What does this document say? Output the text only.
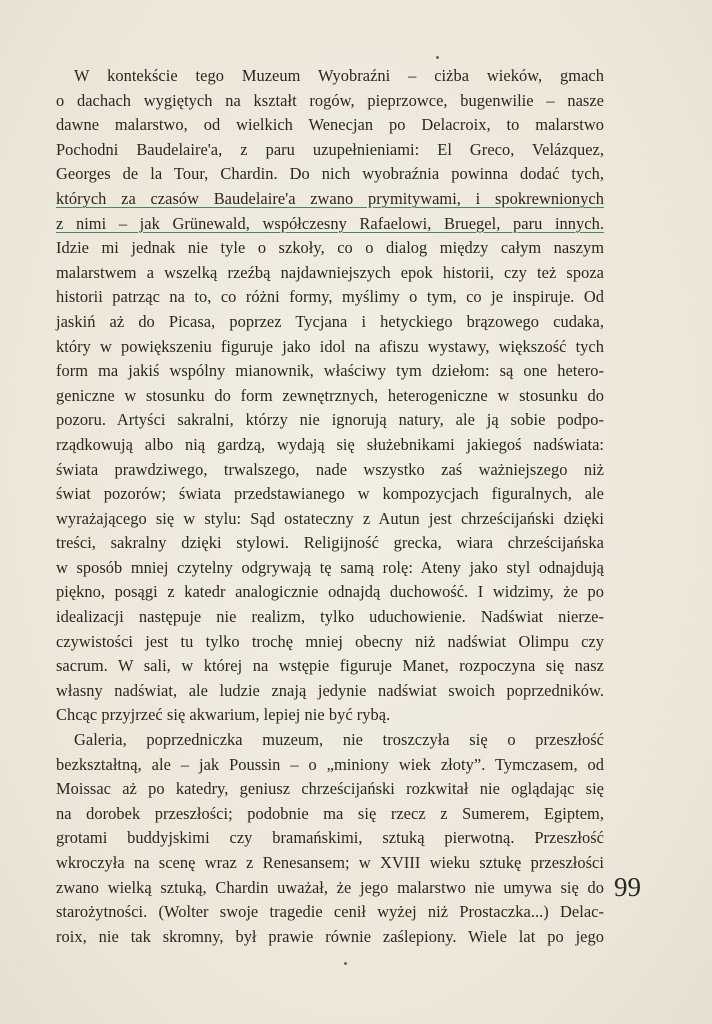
W kontekście tego Muzeum Wyobraźni – ciżba wieków, gmach
o dachach wygiętych na kształt rogów, pieprzowce, bugenwilie – nasze
dawne malarstwo, od wielkich Wenecjan po Delacroix, to malarstwo
Pochodni Baudelaire'a, z paru uzupełnieniami: El Greco, Velázquez,
Georges de la Tour, Chardin. Do nich wyobraźnia powinna dodać tych,
których za czasów Baudelaire'a zwano prymitywami, i spokrewnionych
z nimi – jak Grünewald, współczesny Rafaelowi, Bruegel, paru innych.
Idzie mi jednak nie tyle o szkoły, co o dialog między całym naszym
malarstwem a wszelką rzeźbą najdawniejszych epok historii, czy też spoza
historii patrząc na to, co różni formy, myślimy o tym, co je inspiruje. Od
jaskiń aż do Picasa, poprzez Tycjana i hetyckiego brązowego cudaka,
który w powiększeniu figuruje jako idol na afiszu wystawy, większość tych
form ma jakiś wspólny mianownik, właściwy tym dziełom: są one hetero-
geniczne w stosunku do form zewnętrznych, heterogeniczne w stosunku do
pozoru. Artyści sakralni, którzy nie ignorują natury, ale ją sobie podpo-
rządkowują albo nią gardzą, wydają się służebnikami jakiegoś nadświata:
świata prawdziwego, trwalszego, nade wszystko zaś ważniejszego niż
świat pozorów; świata przedstawianego w kompozycjach figuralnych, ale
wyrażającego się w stylu: Sąd ostateczny z Autun jest chrześcijański dzięki
treści, sakralny dzięki stylowi. Religijność grecka, wiara chrześcijańska
w sposób mniej czytelny odgrywają tę samą rolę: Ateny jako styl odnajdują
piękno, posągi z katedr analogicznie odnajdą duchowość. I widzimy, że po
idealizacji następuje nie realizm, tylko uduchowienie. Nadświat nierze-
czywistości jest tu tylko trochę mniej obecny niż nadświat Olimpu czy
sacrum. W sali, w której na wstępie figuruje Manet, rozpoczyna się nasz
własny nadświat, ale ludzie znają jedynie nadświat swoich poprzedników.
Chcąc przyjrzeć się akwarium, lepiej nie być rybą.
Galeria, poprzedniczka muzeum, nie troszczyła się o przeszłość
bezkształtną, ale – jak Poussin – o „miniony wiek złoty”. Tymczasem, od
Moissac aż po katedry, geniusz chrześcijański rozkwitał nie oglądając się
na dorobek przeszłości; podobnie ma się rzecz z Sumerem, Egiptem,
grotami buddyjskimi czy bramańskimi, sztuką pierwotną. Przeszłość
wkroczyła na scenę wraz z Renesansem; w XVIII wieku sztukę przeszłości
zwano wielką sztuką, Chardin uważał, że jego malarstwo nie umywa się do
starożytności. (Wolter swoje tragedie cenił wyżej niż Prostaczka...) Delac-
roix, nie tak skromny, był prawie równie zaślepiony. Wiele lat po jego
99
